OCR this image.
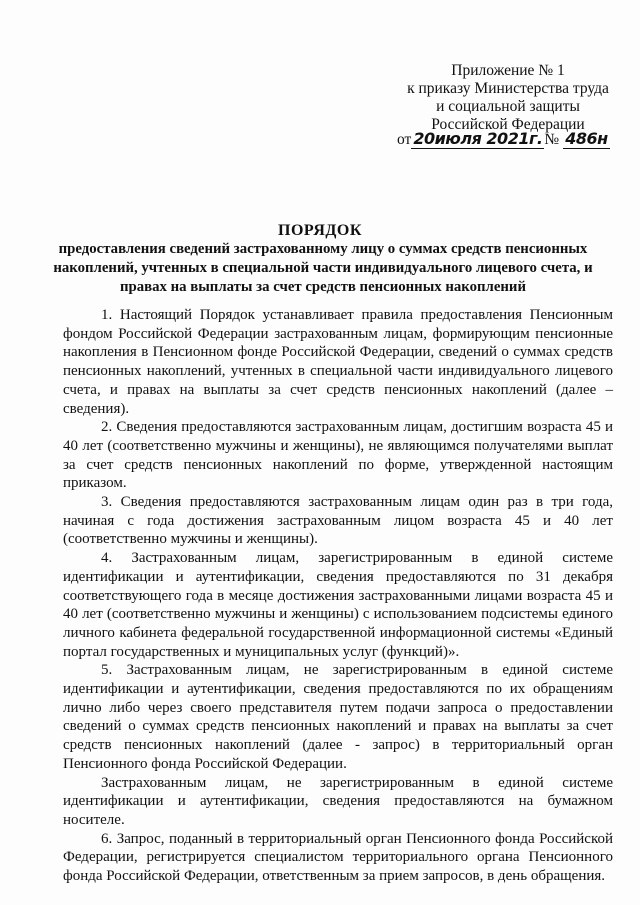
Приложение № 1
к приказу Министерства труда
и социальной защиты
Российской Федерации
от 20июля 2021г. № 486н
ПОРЯДОК
предоставления сведений застрахованному лицу о суммах средств пенсионных накоплений, учтенных в специальной части индивидуального лицевого счета, и правах на выплаты за счет средств пенсионных накоплений

1. Настоящий Порядок устанавливает правила предоставления Пенсионным фондом Российской Федерации застрахованным лицам, формирующим пенсионные накопления в Пенсионном фонде Российской Федерации, сведений о суммах средств пенсионных накоплений, учтенных в специальной части индивидуального лицевого счета, и правах на выплаты за счет средств пенсионных накоплений (далее – сведения).

2. Сведения предоставляются застрахованным лицам, достигшим возраста 45 и 40 лет (соответственно мужчины и женщины), не являющимся получателями выплат за счет средств пенсионных накоплений по форме, утвержденной настоящим приказом.

3. Сведения предоставляются застрахованным лицам один раз в три года, начиная с года достижения застрахованным лицом возраста 45 и 40 лет (соответственно мужчины и женщины).

4. Застрахованным лицам, зарегистрированным в единой системе идентификации и аутентификации, сведения предоставляются по 31 декабря соответствующего года в месяце достижения застрахованными лицами возраста 45 и 40 лет (соответственно мужчины и женщины) с использованием подсистемы единого личного кабинета федеральной государственной информационной системы «Единый портал государственных и муниципальных услуг (функций)».

5. Застрахованным лицам, не зарегистрированным в единой системе идентификации и аутентификации, сведения предоставляются по их обращениям лично либо через своего представителя путем подачи запроса о предоставлении сведений о суммах средств пенсионных накоплений и правах на выплаты за счет средств пенсионных накоплений (далее - запрос) в территориальный орган Пенсионного фонда Российской Федерации.

Застрахованным лицам, не зарегистрированным в единой системе идентификации и аутентификации, сведения предоставляются на бумажном носителе.

6. Запрос, поданный в территориальный орган Пенсионного фонда Российской Федерации, регистрируется специалистом территориального органа Пенсионного фонда Российской Федерации, ответственным за прием запросов, в день обращения.
